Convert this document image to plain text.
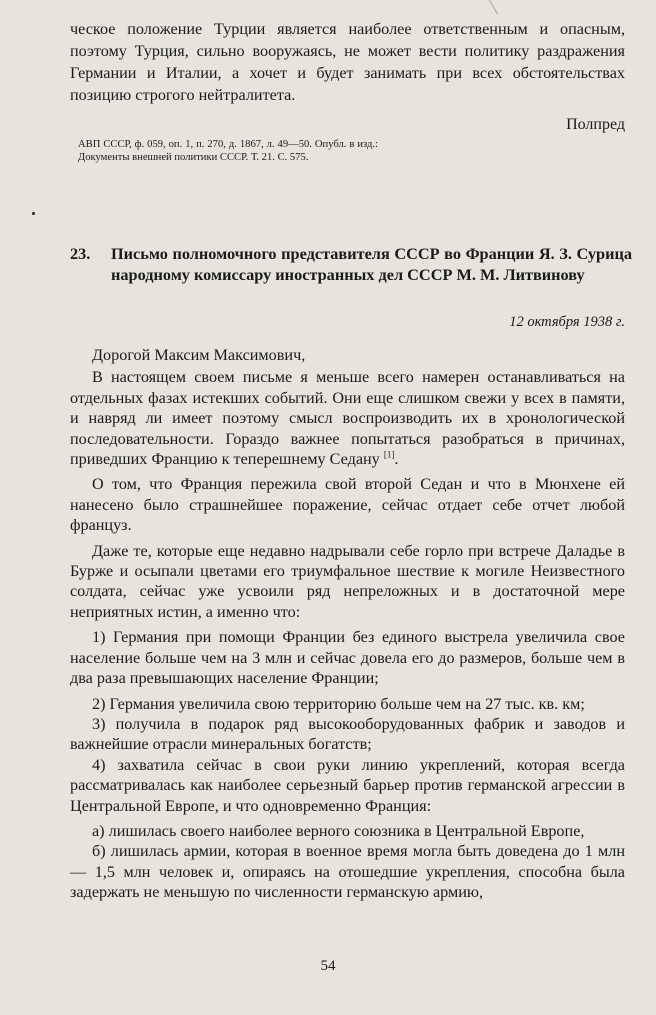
ческое положение Турции является наиболее ответственным и опасным, поэтому Турция, сильно вооружаясь, не может вести политику раздражения Германии и Италии, а хочет и будет занимать при всех обстоятельствах позицию строгого нейтралитета.

Полпред
АВП СССР, ф. 059, оп. 1, п. 270, д. 1867, л. 49—50. Опубл. в изд.: Документы внешней политики СССР. Т. 21. С. 575.
23. Письмо полномочного представителя СССР во Франции Я. З. Сурица народному комиссару иностранных дел СССР М. М. Литвинову
12 октября 1938 г.

Дорогой Максим Максимович,

В настоящем своем письме я меньше всего намерен останавливаться на отдельных фазах истекших событий. Они еще слишком свежи у всех в памяти, и навряд ли имеет поэтому смысл воспроизводить их в хронологической последовательности. Гораздо важнее попытаться разобраться в причинах, приведших Францию к теперешнему Седану [1].

О том, что Франция пережила свой второй Седан и что в Мюнхене ей нанесено было страшнейшее поражение, сейчас отдает себе отчет любой француз.

Даже те, которые еще недавно надрывали себе горло при встрече Даладье в Бурже и осыпали цветами его триумфальное шествие к могиле Неизвестного солдата, сейчас уже усвоили ряд непреложных и в достаточной мере неприятных истин, а именно что:

1) Германия при помощи Франции без единого выстрела увеличила свое население больше чем на 3 млн и сейчас довела его до размеров, больше чем в два раза превышающих население Франции;

2) Германия увеличила свою территорию больше чем на 27 тыс. кв. км;

3) получила в подарок ряд высокооборудованных фабрик и заводов и важнейшие отрасли минеральных богатств;

4) захватила сейчас в свои руки линию укреплений, которая всегда рассматривалась как наиболее серьезный барьер против германской агрессии в Центральной Европе, и что одновременно Франция:

а) лишилась своего наиболее верного союзника в Центральной Европе,

б) лишилась армии, которая в военное время могла быть доведена до 1 млн — 1,5 млн человек и, опираясь на отошедшие укрепления, способна была задержать не меньшую по численности германскую армию,

54
